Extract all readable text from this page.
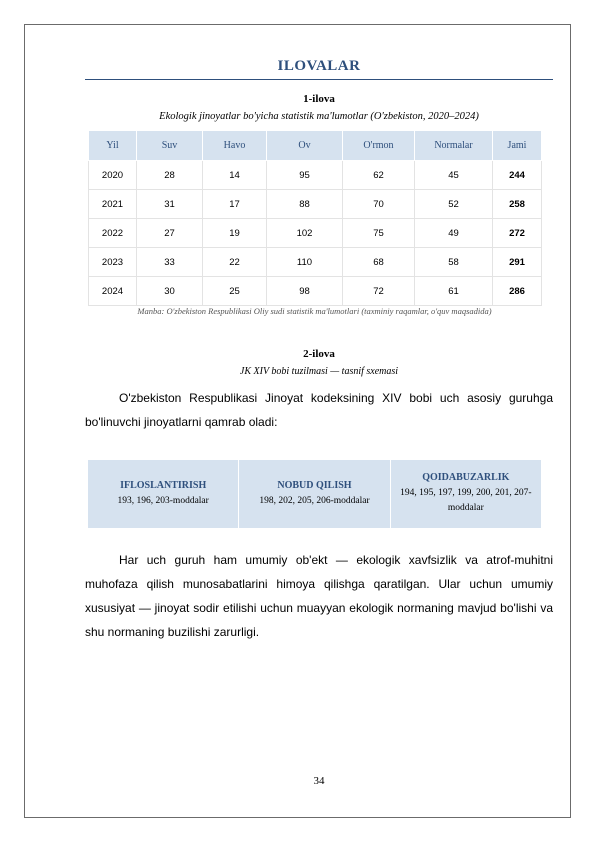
ILOVALAR
1-ilova
Ekologik jinoyatlar bo'yicha statistik ma'lumotlar (O'zbekiston, 2020–2024)
Yil	Suv	Havo	Ov	O'rmon	Normalar	Jami
2020	28	14	95	62	45	244
2021	31	17	88	70	52	258
2022	27	19	102	75	49	272
2023	33	22	110	68	58	291
2024	30	25	98	72	61	286
Manba: O'zbekiston Respublikasi Oliy sudi statistik ma'lumotlari (taxminiy raqamlar, o'quv maqsadida)
2-ilova
JK XIV bobi tuzilmasi — tasnif sxemasi
O'zbekiston Respublikasi Jinoyat kodeksining XIV bobi uch asosiy guruhga bo'linuvchi jinoyatlarni qamrab oladi:
IFLOSLANTIRISH
193, 196, 203-moddalar
NOBUD QILISH
198, 202, 205, 206-moddalar
QOIDABUZARLIK
194, 195, 197, 199, 200, 201, 207-moddalar
Har uch guruh ham umumiy ob'ekt — ekologik xavfsizlik va atrof-muhitni muhofaza qilish munosabatlarini himoya qilishga qaratilgan. Ular uchun umumiy xususiyat — jinoyat sodir etilishi uchun muayyan ekologik normaning mavjud bo'lishi va shu normaning buzilishi zarurligi.
34
